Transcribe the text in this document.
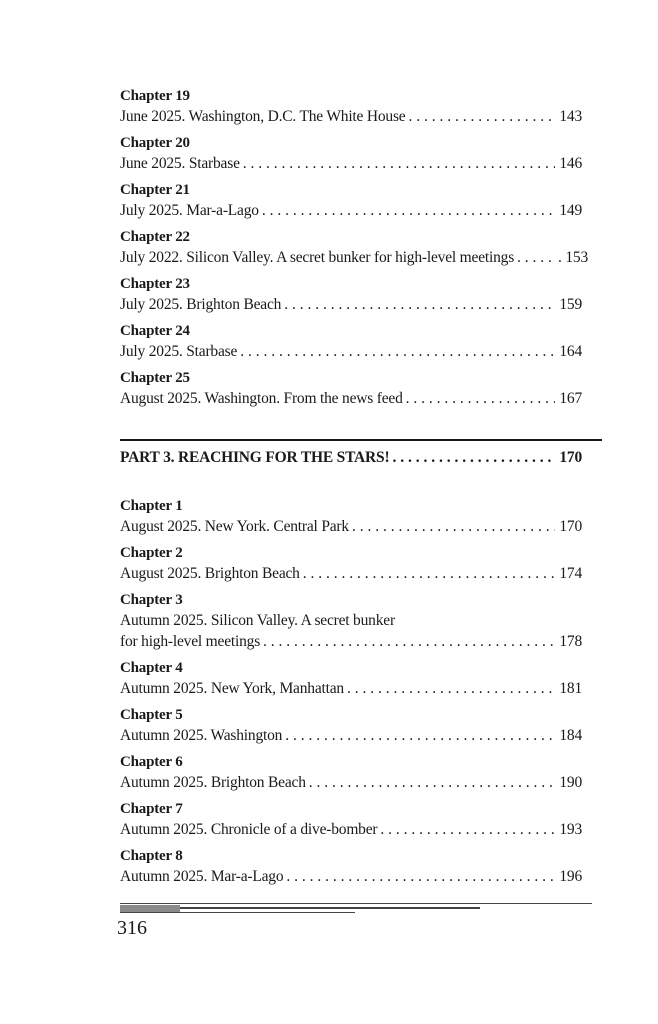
Chapter 19
June 2025. Washington, D.C. The White House . . .	143
Chapter 20
June 2025. Starbase . . .	146
Chapter 21
July 2025. Mar-a-Lago . . .	149
Chapter 22
July 2022. Silicon Valley. A secret bunker for high-level meetings . . .	. 153
Chapter 23
July 2025. Brighton Beach . . .	159
Chapter 24
July 2025. Starbase . . .	164
Chapter 25
August 2025. Washington. From the news feed . . .	167
PART 3. REACHING FOR THE STARS! . . .	170
Chapter 1
August 2025. New York. Central Park . . .	170
Chapter 2
August 2025. Brighton Beach . . .	174
Chapter 3
Autumn 2025. Silicon Valley. A secret bunker
for high-level meetings . . .	178
Chapter 4
Autumn 2025. New York, Manhattan . . .	181
Chapter 5
Autumn 2025. Washington . . .	184
Chapter 6
Autumn 2025. Brighton Beach . . .	190
Chapter 7
Autumn 2025. Chronicle of a dive-bomber . . .	193
Chapter 8
Autumn 2025. Mar-a-Lago . . .	196
316
